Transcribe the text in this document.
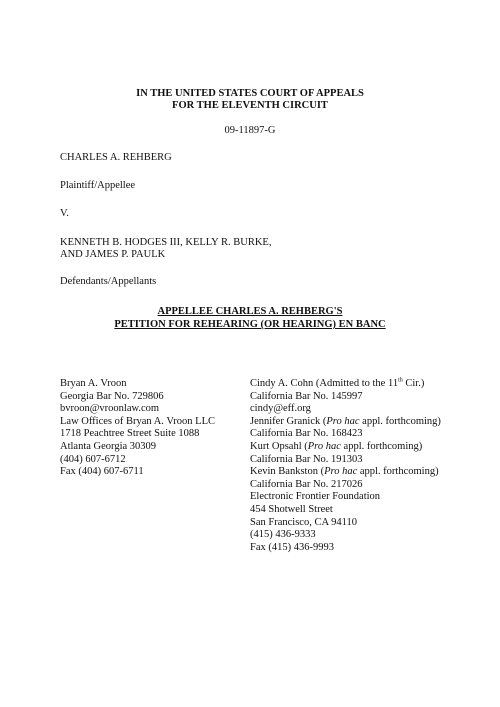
IN THE UNITED STATES COURT OF APPEALS
FOR THE ELEVENTH CIRCUIT
09-11897-G
CHARLES A. REHBERG
Plaintiff/Appellee
V.
KENNETH B. HODGES III, KELLY R. BURKE,
AND JAMES P. PAULK
Defendants/Appellants
APPELLEE CHARLES A. REHBERG'S
PETITION FOR REHEARING (OR HEARING) EN BANC
Bryan A. Vroon
Georgia Bar No. 729806
bvroon@vroonlaw.com
Law Offices of Bryan A. Vroon LLC
1718 Peachtree Street Suite 1088
Atlanta Georgia 30309
(404) 607-6712
Fax (404) 607-6711
Cindy A. Cohn (Admitted to the 11th Cir.)
California Bar No. 145997
cindy@eff.org
Jennifer Granick (Pro hac appl. forthcoming)
California Bar No. 168423
Kurt Opsahl (Pro hac appl. forthcoming)
California Bar No. 191303
Kevin Bankston (Pro hac appl. forthcoming)
California Bar No. 217026
Electronic Frontier Foundation
454 Shotwell Street
San Francisco, CA 94110
(415) 436-9333
Fax (415) 436-9993
